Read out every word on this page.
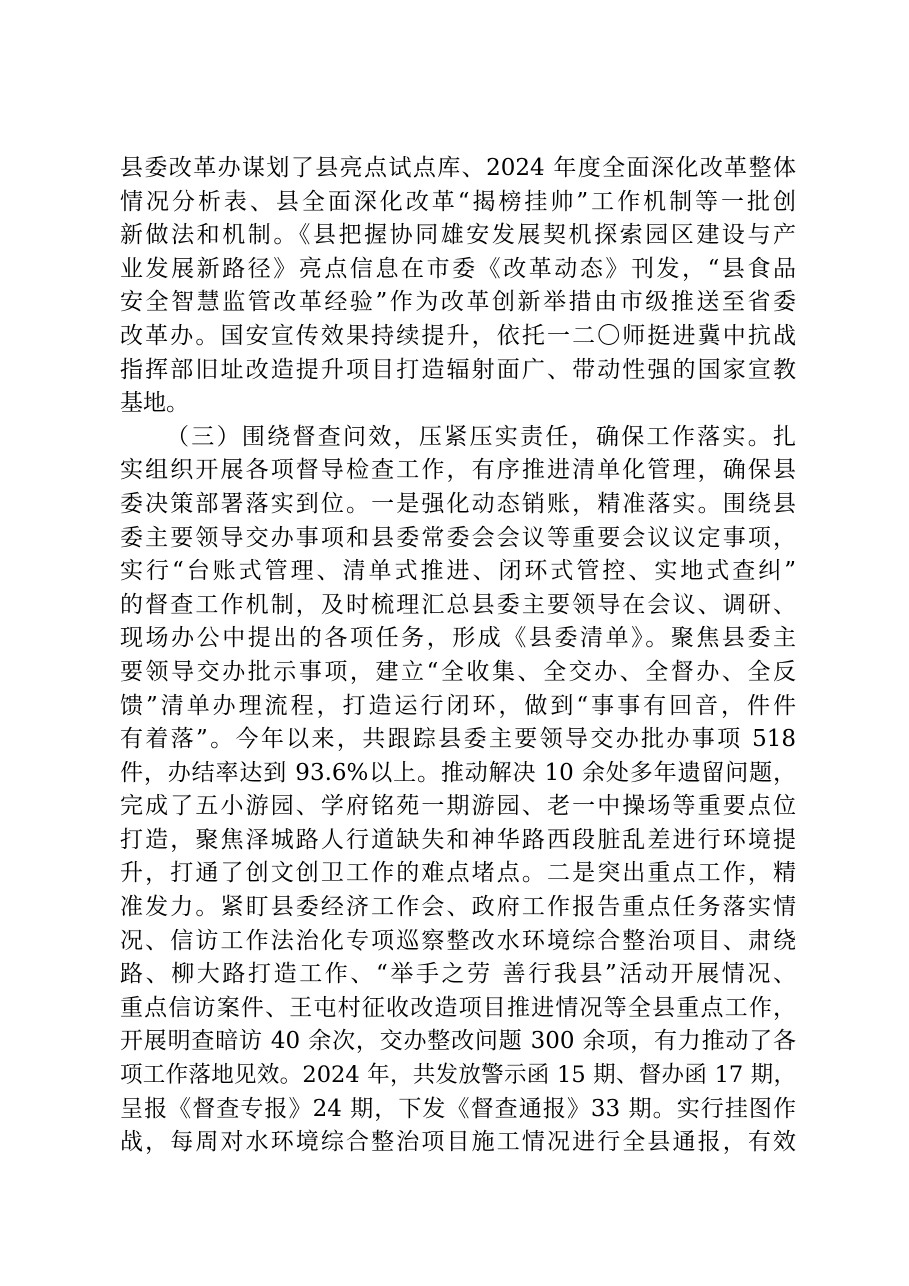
县委改革办谋划了县亮点试点库、2024 年度全面深化改革整体
情况分析表、县全面深化改革“揭榜挂帅”工作机制等一批创
新做法和机制。《县把握协同雄安发展契机探索园区建设与产
业发展新路径》亮点信息在市委《改革动态》刊发，“县食品
安全智慧监管改革经验”作为改革创新举措由市级推送至省委
改革办。国安宣传效果持续提升，依托一二〇师挺进冀中抗战
指挥部旧址改造提升项目打造辐射面广、带动性强的国家宣教
基地。
（三）围绕督查问效，压紧压实责任，确保工作落实。扎
实组织开展各项督导检查工作，有序推进清单化管理，确保县
委决策部署落实到位。一是强化动态销账，精准落实。围绕县
委主要领导交办事项和县委常委会会议等重要会议议定事项，
实行“台账式管理、清单式推进、闭环式管控、实地式查纠”
的督查工作机制，及时梳理汇总县委主要领导在会议、调研、
现场办公中提出的各项任务，形成《县委清单》。聚焦县委主
要领导交办批示事项，建立“全收集、全交办、全督办、全反
馈”清单办理流程，打造运行闭环，做到“事事有回音，件件
有着落”。今年以来，共跟踪县委主要领导交办批办事项 518
件，办结率达到 93.6%以上。推动解决 10 余处多年遗留问题，
完成了五小游园、学府铭苑一期游园、老一中操场等重要点位
打造，聚焦泽城路人行道缺失和神华路西段脏乱差进行环境提
升，打通了创文创卫工作的难点堵点。二是突出重点工作，精
准发力。紧盯县委经济工作会、政府工作报告重点任务落实情
况、信访工作法治化专项巡察整改水环境综合整治项目、肃绕
路、柳大路打造工作、“举手之劳 善行我县”活动开展情况、
重点信访案件、王屯村征收改造项目推进情况等全县重点工作，
开展明查暗访 40 余次，交办整改问题 300 余项，有力推动了各
项工作落地见效。2024 年，共发放警示函 15 期、督办函 17 期，
呈报《督查专报》24 期，下发《督查通报》33 期。实行挂图作
战，每周对水环境综合整治项目施工情况进行全县通报，有效
